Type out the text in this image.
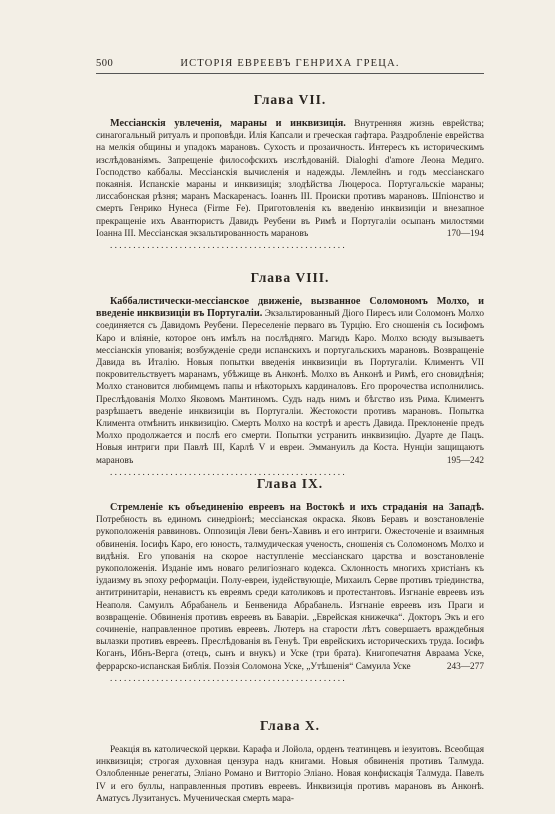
500	ИСТОРІЯ ЕВРЕЕВЪ ГЕНРИХА ГРЕЦА.
Глава VII.

Мессіанскія увлеченія, мараны и инквизиція. Внутренняя жизнь еврейства; синагогальный ритуалъ и проповѣди. Илія Капсали и греческая гафтара. Раздробленіе еврейства на мелкія общины и упадокъ марановъ. Сухость и прозаичность. Интересъ къ историческимъ изслѣдованіямъ. Запрещеніе философскихъ изслѣдованій. Dialoghi d'amore Леона Медиго. Господство каббалы. Мессіанскія вычисленія и надежды. Лемлейнъ и годъ мессіанскаго покаянія. Испанскіе мараны и инквизиція; злодѣйства Люцероса. Португальскіе мараны; лиссабонская рѣзня; маранъ Маскаренасъ. Іоаннъ III. Происки противъ марановъ. Шпіонство и смерть Генрико Нунеса (Firme Fe). Приготовленія къ введенію инквизиціи и внезапное прекращеніе ихъ Авантюристъ Давидъ Реубени въ Римѣ и Португаліи осыпанъ милостями Іоанна III. Мессіанская экзальтированность марановъ	170—194
. . . . . . . . . . . . . . . . . . . . . . . . . . . . . . . . . . . . . . . . . . . . . . . . . . .

Глава VIII.

Каббалистически-мессіанское движеніе, вызванное Соломономъ Молхо, и введеніе инквизиціи въ Португаліи. Экзальтированный Діого Пиресъ или Соломонъ Молхо соединяется съ Давидомъ Реубени. Переселеніе перваго въ Турцію. Его сношенія съ Іосифомъ Каро и вліяніе, которое онъ имѣлъ на послѣдняго. Магидъ Каро. Молхо всюду вызываетъ мессіанскія упованія; возбужденіе среди испанскихъ и португальскихъ марановъ. Возвращеніе Давида въ Италію. Новыя попытки введенія инквизиціи въ Португаліи. Климентъ VII покровительствуетъ маранамъ, убѣжище въ Анконѣ. Молхо въ Анконѣ и Римѣ, его сновидѣнія; Молхо становится любимцемъ папы и нѣкоторыхъ кардиналовъ. Его пророчества исполнились. Преслѣдованія Молхо Яковомъ Мантиномъ. Судъ надъ нимъ и бѣгство изъ Рима. Климентъ разрѣшаетъ введеніе инквизиціи въ Португаліи. Жестокости противъ марановъ. Попытка Климента отмѣнить инквизицію. Смерть Молхо на кострѣ и арестъ Давида. Преклоненіе предъ Молхо продолжается и послѣ его смерти. Попытки устранить инквизицію. Дуарте де Пацъ. Новыя интриги при Павлѣ III, Карлѣ V и евреи. Эммануилъ да Коста. Нунціи защищаютъ марановъ	195—242
. . . . . . . . . . . . . . . . . . . . . . . . . . . . . . . . . . . . . . . . . . . . . . . . . . .

Глава IX.

Стремленіе къ объединенію евреевъ на Востокѣ и ихъ страданія на Западѣ. Потребность въ единомъ синедріонѣ; мессіанская окраска. Яковъ Беравъ и возстановленіе рукоположенія раввиновъ. Оппозиція Леви бенъ-Хавивъ и его интриги. Ожесточеніе и взаимныя обвиненія. Іосифъ Каро, его юность, талмудическая ученость, сношенія съ Соломономъ Молхо и видѣнія. Его упованія на скорое наступленіе мессіанскаго царства и возстановленіе рукоположенія. Изданіе имъ новаго религіознаго кодекса. Склонность многихъ христіанъ къ іудаизму въ эпоху реформаціи. Полу-евреи, іудействующіе, Михаилъ Серве противъ тріединства, антитринитаріи, ненавистъ къ евреямъ среди католиковъ и протестантовъ. Изгнаніе евреевъ изъ Неаполя. Самуилъ Абрабанель и Бенвенида Абрабанель. Изгнаніе евреевъ изъ Праги и возвращеніе. Обвиненія противъ евреевъ въ Баваріи. „Еврейская книжечка“. Докторъ Экъ и его сочиненіе, направленное противъ евреевъ. Лютеръ на старости лѣтъ совершаетъ враждебныя вылазки противъ евреевъ. Преслѣдованія въ Генуѣ. Три еврейскихъ историческихъ труда. Іосифъ Коганъ, Ибнъ-Верга (отецъ, сынъ и внукъ) и Уске (три брата). Книгопечатня Авраама Уске, феррарско-испанская Библія. Поэзія Соломона Уске, „Утѣшенія“ Самуила Уске	243—277
. . . . . . . . . . . . . . . . . . . . . . . . . . . . . . . . . . . . . . . . . . . . . . . . . . .

Глава X.

Реакція въ католической церкви. Карафа и Лойола, орденъ театинцевъ и іезуитовъ. Всеобщая инквизиція; строгая духовная цензура надъ книгами. Новыя обвиненія противъ Талмуда. Озлобленные ренегаты, Эліано Романо и Витторіо Эліано. Новая конфискація Талмуда. Павелъ IV и его буллы, направленныя противъ евреевъ. Инквизиція противъ марановъ въ Анконѣ. Аматусъ Лузитанусъ. Мученическая смерть мара-
